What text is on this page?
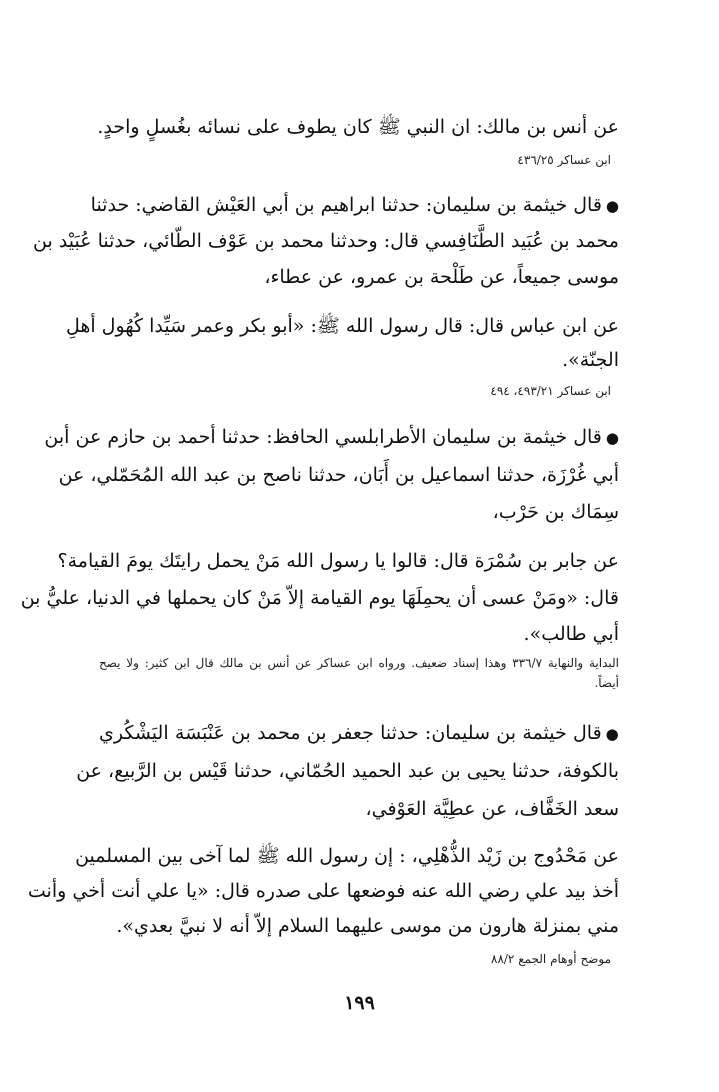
عن أنس بن مالك: ان النبي ﷺ كان يطوف على نسائه بغُسلٍ واحدٍ.
ابن عساكر ٤٣٦/٢٥
●قال خيثمة بن سليمان: حدثنا ابراهيم بن أبي العَيْش القاضي: حدثنا
محمد بن عُبَيد الطَّنَافِسي قال: وحدثنا محمد بن عَوْف الطّائي، حدثنا عُبَيْد بن
موسى جميعاً، عن طَلْحة بن عمرو، عن عطاء،
عن ابن عباس قال: قال رسول الله ﷺ: «أبو بكر وعمر سَيِّدا كُهُول أهلِ
الجنّة».
ابن عساكر ٤٩٣/٢١، ٤٩٤
●قال خيثمة بن سليمان الأطرابلسي الحافظ: حدثنا أحمد بن حازم عن أبن
أبي غُرْزَة، حدثنا اسماعيل بن أَبَان، حدثنا ناصح بن عبد الله المُحَمّلي، عن
سِمَاك بن حَرْب،
عن جابر بن سُمْرَة قال: قالوا يا رسول الله مَنْ يحمل رايتَك يومَ القيامة؟
قال: «ومَنْ عسى أن يحمِلَهَا يوم القيامة إلاّ مَنْ كان يحملها في الدنيا، عليُّ بن
أبي طالب».
البداية والنهاية ٣٣٦/٧ وهذا إسناد ضعيف. ورواه ابن عساكر عن أنس بن مالك قال ابن كثير: ولا يصح
أيضاً.
●قال خيثمة بن سليمان: حدثنا جعفر بن محمد بن عَنْبَسَة اليَشْكُري
بالكوفة، حدثنا يحيى بن عبد الحميد الحُمّاني، حدثنا قَيْس بن الرَّبيع، عن
سعد الخَفَّاف، عن عطِيَّة العَوْفي،
عن مَحْدُوج بن زَيْد الذُّهْلِي، : إن رسول الله ﷺ لما آخى بين المسلمين
أخذ بيد علي رضي الله عنه فوضعها على صدره قال: «يا علي أنت أخي وأنت
مني بمنزلة هارون من موسى عليهما السلام إلاّ أنه لا نبيَّ بعدي».
موضح أوهام الجمع ٨٨/٢
١٩٩
